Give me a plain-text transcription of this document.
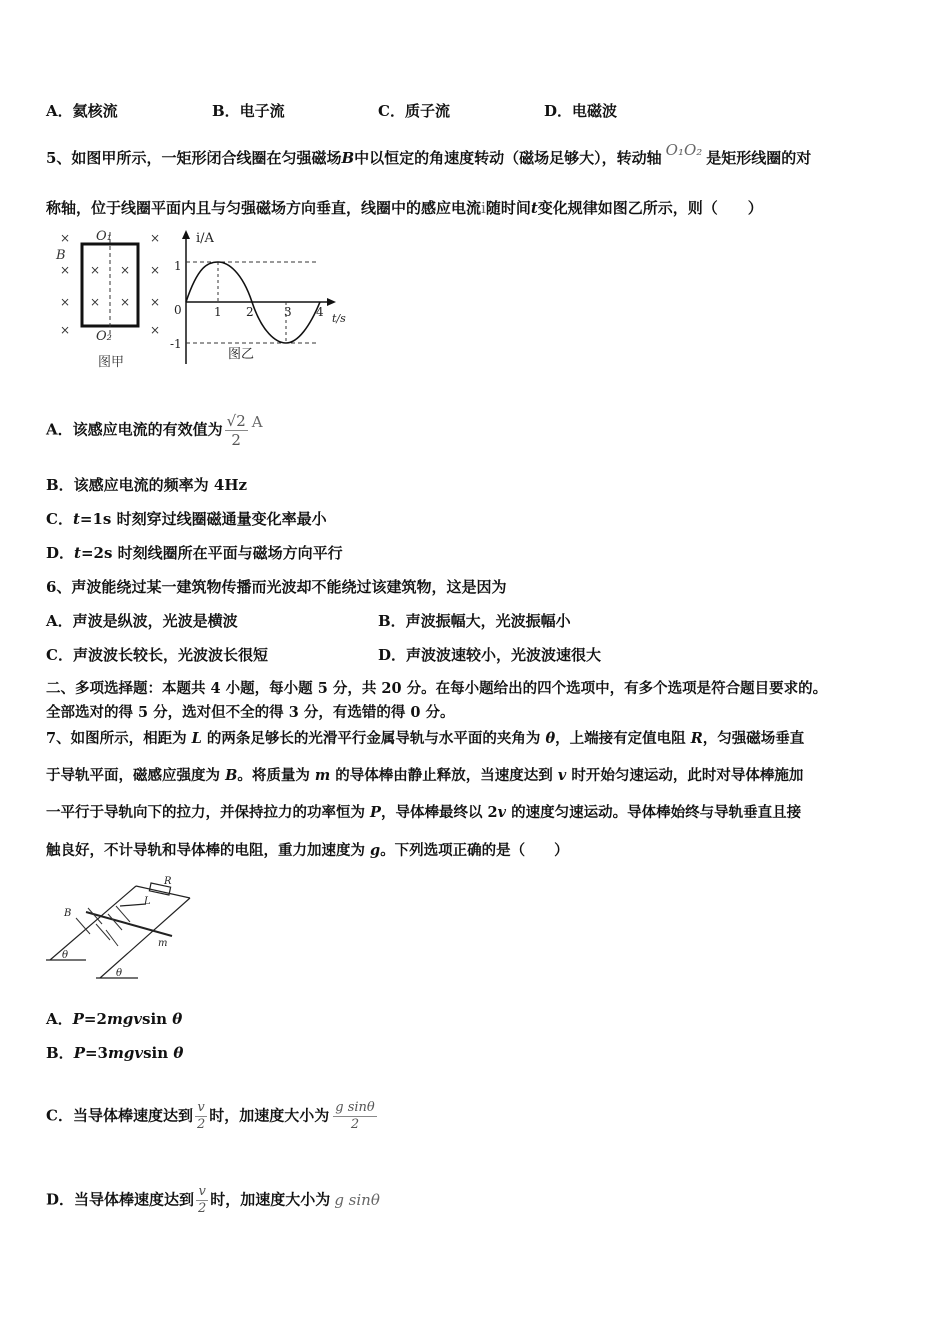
A．氦核流	B．电子流	C．质子流	D．电磁波
5、如图甲所示，一矩形闭合线圈在匀强磁场B中以恒定的角速度转动（磁场足够大），转动轴 O₁O₂ 是矩形线圈的对
称轴，位于线圈平面内且与匀强磁场方向垂直，线圈中的感应电流i随时间t变化规律如图乙所示，则（　　）
×	×
× × × ×
× × × ×
×	×
B
O₁
O₂
图甲
i/A
t/s
0
1
-1
1 2	3 4
图乙
A．该感应电流的有效值为 $\frac{√2}{2}$ A
B．该感应电流的频率为 4Hz
C．t=1s 时刻穿过线圈磁通量变化率最小
D．t=2s 时刻线圈所在平面与磁场方向平行
6、声波能绕过某一建筑物传播而光波却不能绕过该建筑物，这是因为
A．声波是纵波，光波是横波	B．声波振幅大，光波振幅小
C．声波波长较长，光波波长很短	D．声波波速较小，光波波速很大
二、多项选择题：本题共 4 小题，每小题 5 分，共 20 分。在每小题给出的四个选项中，有多个选项是符合题目要求的。
全部选对的得 5 分，选对但不全的得 3 分，有选错的得 0 分。
7、如图所示，相距为 L 的两条足够长的光滑平行金属导轨与水平面的夹角为 θ，上端接有定值电阻 R，匀强磁场垂直
于导轨平面，磁感应强度为 B。将质量为 m 的导体棒由静止释放，当速度达到 v 时开始匀速运动，此时对导体棒施加
一平行于导轨向下的拉力，并保持拉力的功率恒为 P，导体棒最终以 2v 的速度匀速运动。导体棒始终与导轨垂直且接
触良好，不计导轨和导体棒的电阻，重力加速度为 g。下列选项正确的是（　　）
R
L
B
m
θ
θ
A．P=2mgvsin θ
B．P=3mgvsin θ
C．当导体棒速度达到 $\frac{v}{2}$ 时，加速度大小为 $\frac{\text{g sinθ}}{2}$
D．当导体棒速度达到 $\frac{v}{2}$ 时，加速度大小为 g sinθ
